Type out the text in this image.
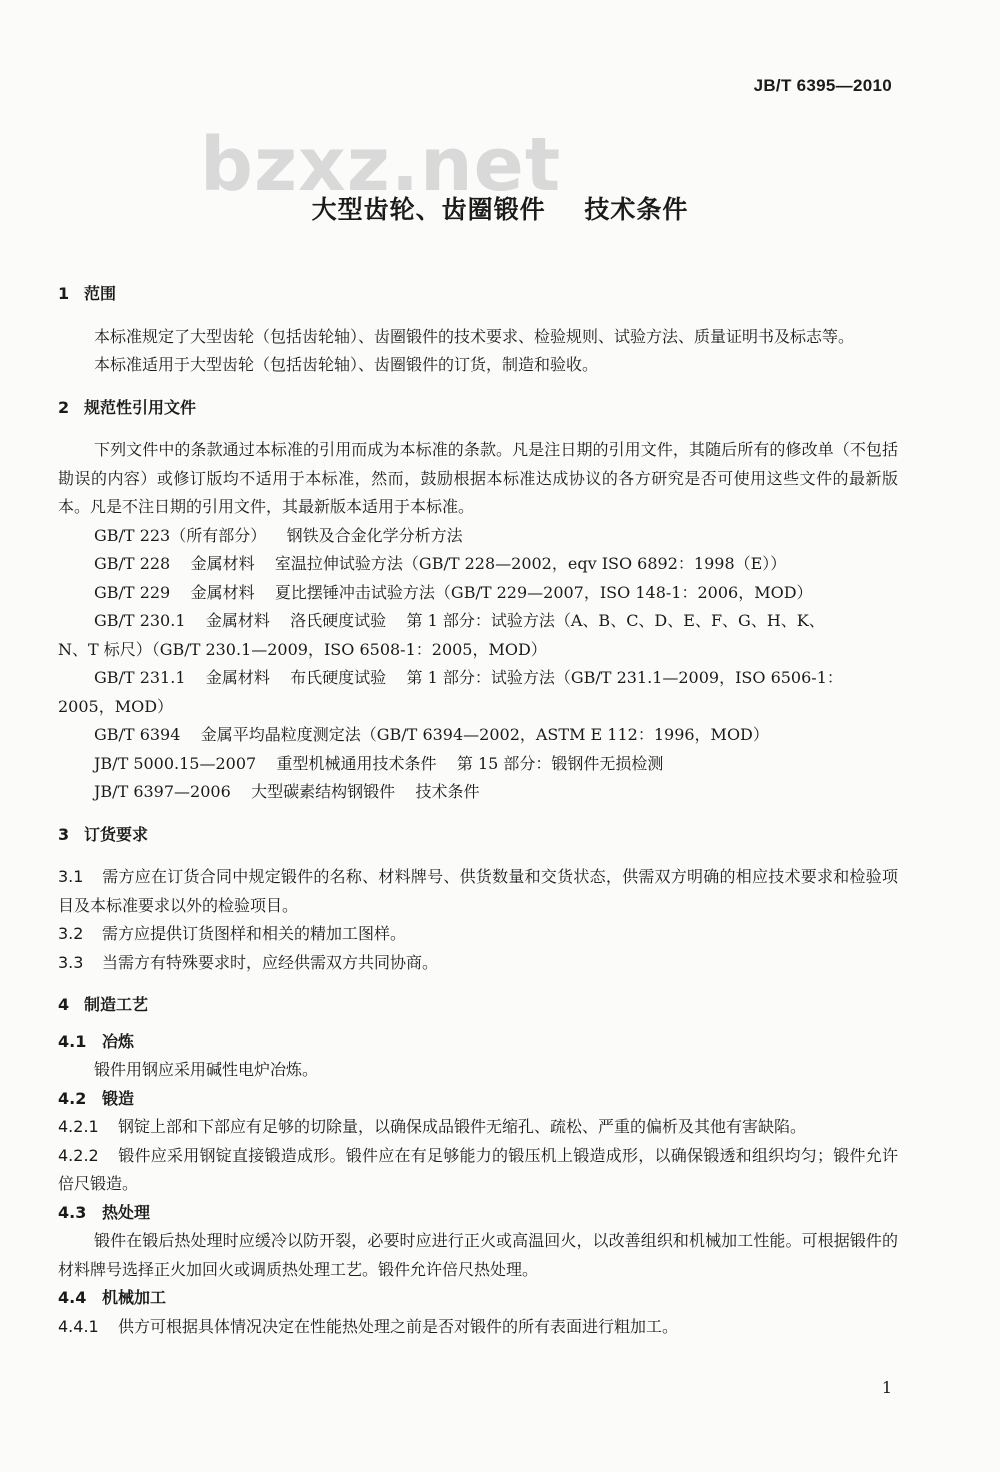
JB/T 6395—2010
bzxz.net
大型齿轮、齿圈锻件    技术条件

1 范围

本标准规定了大型齿轮（包括齿轮轴）、齿圈锻件的技术要求、检验规则、试验方法、质量证明书及标志等。

本标准适用于大型齿轮（包括齿轮轴）、齿圈锻件的订货，制造和验收。

2 规范性引用文件

下列文件中的条款通过本标准的引用而成为本标准的条款。凡是注日期的引用文件，其随后所有的修改单（不包括勘误的内容）或修订版均不适用于本标准，然而，鼓励根据本标准达成协议的各方研究是否可使用这些文件的最新版本。凡是不注日期的引用文件，其最新版本适用于本标准。

GB/T 223（所有部分）    钢铁及合金化学分析方法

GB/T 228    金属材料    室温拉伸试验方法（GB/T 228—2002，eqv ISO 6892：1998（E））

GB/T 229    金属材料    夏比摆锤冲击试验方法（GB/T 229—2007，ISO 148-1：2006，MOD）

GB/T 230.1    金属材料    洛氏硬度试验    第 1 部分：试验方法（A、B、C、D、E、F、G、H、K、

N、T 标尺）（GB/T 230.1—2009，ISO 6508-1：2005，MOD）

GB/T 231.1    金属材料    布氏硬度试验    第 1 部分：试验方法（GB/T 231.1—2009，ISO 6506-1：

2005，MOD）

GB/T 6394    金属平均晶粒度测定法（GB/T 6394—2002，ASTM E 112：1996，MOD）

JB/T 5000.15—2007    重型机械通用技术条件    第 15 部分：锻钢件无损检测

JB/T 6397—2006    大型碳素结构钢锻件    技术条件

3 订货要求

3.1 需方应在订货合同中规定锻件的名称、材料牌号、供货数量和交货状态，供需双方明确的相应技术要求和检验项目及本标准要求以外的检验项目。

3.2 需方应提供订货图样和相关的精加工图样。

3.3 当需方有特殊要求时，应经供需双方共同协商。

4 制造工艺

4.1 冶炼

锻件用钢应采用碱性电炉冶炼。

4.2 锻造

4.2.1 钢锭上部和下部应有足够的切除量，以确保成品锻件无缩孔、疏松、严重的偏析及其他有害缺陷。

4.2.2 锻件应采用钢锭直接锻造成形。锻件应在有足够能力的锻压机上锻造成形，以确保锻透和组织均匀；锻件允许倍尺锻造。

4.3 热处理

锻件在锻后热处理时应缓冷以防开裂，必要时应进行正火或高温回火，以改善组织和机械加工性能。可根据锻件的材料牌号选择正火加回火或调质热处理工艺。锻件允许倍尺热处理。

4.4 机械加工

4.4.1 供方可根据具体情况决定在性能热处理之前是否对锻件的所有表面进行粗加工。

1
